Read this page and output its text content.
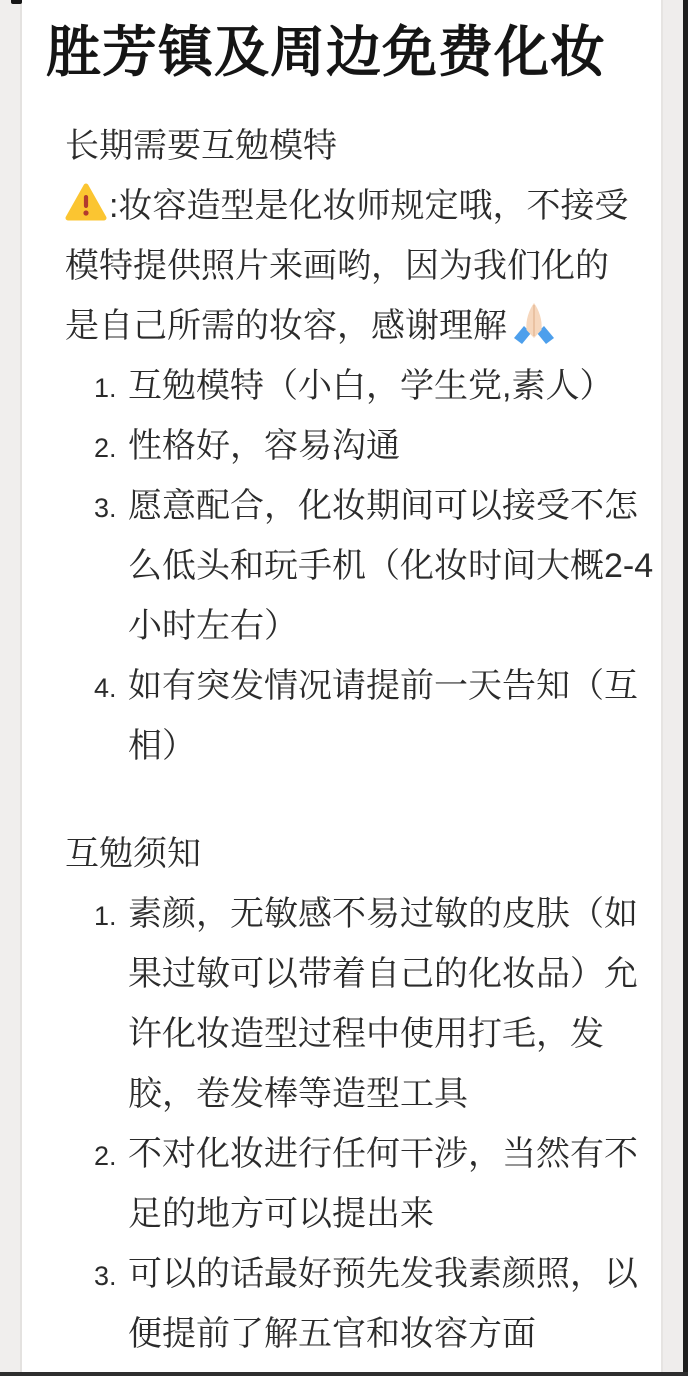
胜芳镇及周边免费化妆

长期需要互勉模特

:妆容造型是化妆师规定哦，不接受模特提供照片来画哟，因为我们化的是自己所需的妆容，感谢理解

1. 互勉模特（小白，学生党,素人）
2. 性格好，容易沟通
3. 愿意配合，化妆期间可以接受不怎么低头和玩手机（化妆时间大概2-4小时左右）
4. 如有突发情况请提前一天告知（互相）

互勉须知

1. 素颜，无敏感不易过敏的皮肤（如果过敏可以带着自己的化妆品）允许化妆造型过程中使用打毛，发胶，卷发棒等造型工具
2. 不对化妆进行任何干涉，当然有不足的地方可以提出来
3. 可以的话最好预先发我素颜照，以便提前了解五官和妆容方面
